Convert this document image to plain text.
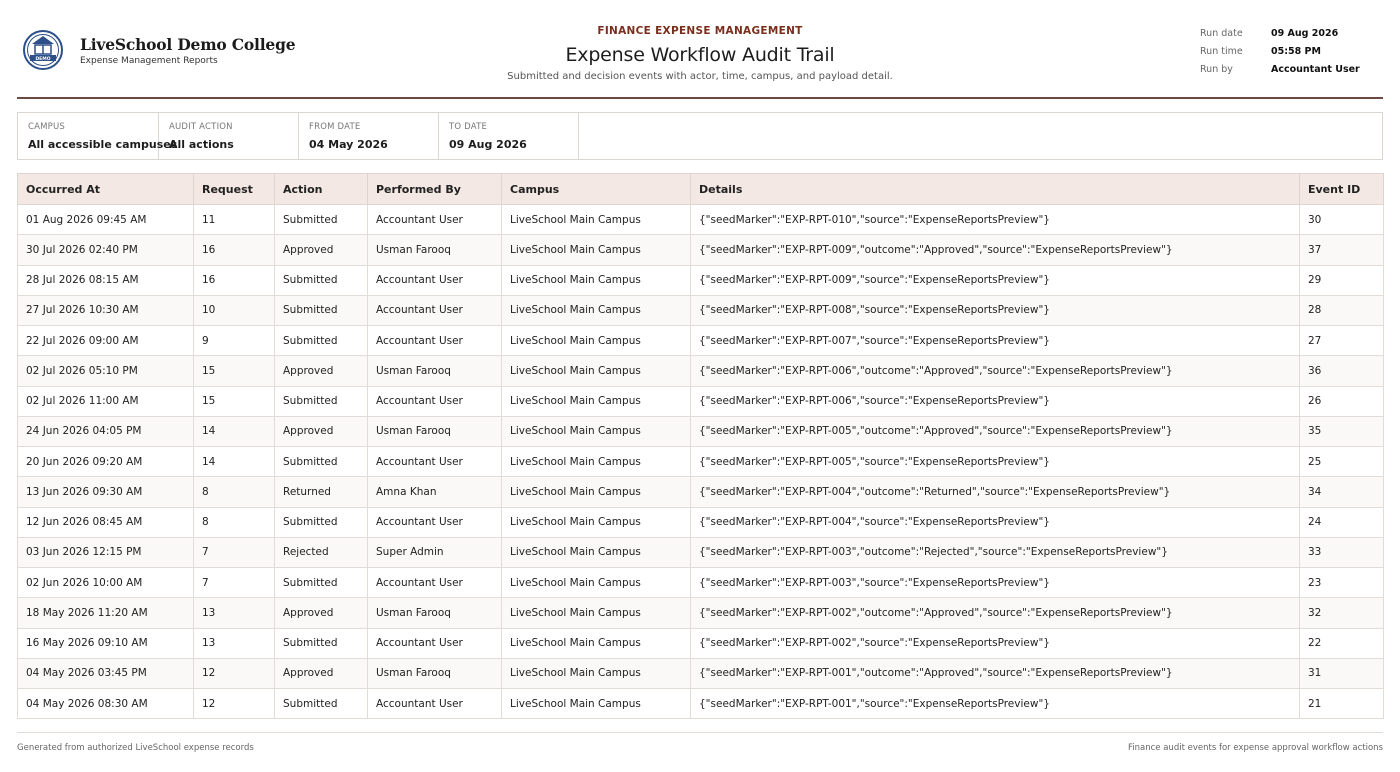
DEMO
LiveSchool Demo College
Expense Management Reports
FINANCE EXPENSE MANAGEMENT
Expense Workflow Audit Trail
Submitted and decision events with actor, time, campus, and payload detail.
Run date	09 Aug 2026
Run time	05:58 PM
Run by	Accountant User
CAMPUS
All accessible campuses
AUDIT ACTION
All actions
FROM DATE
04 May 2026
TO DATE
09 Aug 2026
Occurred At	Request	Action	Performed By	Campus	Details	Event ID
01 Aug 2026 09:45 AM	11	Submitted	Accountant User	LiveSchool Main Campus	{"seedMarker":"EXP-RPT-010","source":"ExpenseReportsPreview"}	30
30 Jul 2026 02:40 PM	16	Approved	Usman Farooq	LiveSchool Main Campus	{"seedMarker":"EXP-RPT-009","outcome":"Approved","source":"ExpenseReportsPreview"}	37
28 Jul 2026 08:15 AM	16	Submitted	Accountant User	LiveSchool Main Campus	{"seedMarker":"EXP-RPT-009","source":"ExpenseReportsPreview"}	29
27 Jul 2026 10:30 AM	10	Submitted	Accountant User	LiveSchool Main Campus	{"seedMarker":"EXP-RPT-008","source":"ExpenseReportsPreview"}	28
22 Jul 2026 09:00 AM	9	Submitted	Accountant User	LiveSchool Main Campus	{"seedMarker":"EXP-RPT-007","source":"ExpenseReportsPreview"}	27
02 Jul 2026 05:10 PM	15	Approved	Usman Farooq	LiveSchool Main Campus	{"seedMarker":"EXP-RPT-006","outcome":"Approved","source":"ExpenseReportsPreview"}	36
02 Jul 2026 11:00 AM	15	Submitted	Accountant User	LiveSchool Main Campus	{"seedMarker":"EXP-RPT-006","source":"ExpenseReportsPreview"}	26
24 Jun 2026 04:05 PM	14	Approved	Usman Farooq	LiveSchool Main Campus	{"seedMarker":"EXP-RPT-005","outcome":"Approved","source":"ExpenseReportsPreview"}	35
20 Jun 2026 09:20 AM	14	Submitted	Accountant User	LiveSchool Main Campus	{"seedMarker":"EXP-RPT-005","source":"ExpenseReportsPreview"}	25
13 Jun 2026 09:30 AM	8	Returned	Amna Khan	LiveSchool Main Campus	{"seedMarker":"EXP-RPT-004","outcome":"Returned","source":"ExpenseReportsPreview"}	34
12 Jun 2026 08:45 AM	8	Submitted	Accountant User	LiveSchool Main Campus	{"seedMarker":"EXP-RPT-004","source":"ExpenseReportsPreview"}	24
03 Jun 2026 12:15 PM	7	Rejected	Super Admin	LiveSchool Main Campus	{"seedMarker":"EXP-RPT-003","outcome":"Rejected","source":"ExpenseReportsPreview"}	33
02 Jun 2026 10:00 AM	7	Submitted	Accountant User	LiveSchool Main Campus	{"seedMarker":"EXP-RPT-003","source":"ExpenseReportsPreview"}	23
18 May 2026 11:20 AM	13	Approved	Usman Farooq	LiveSchool Main Campus	{"seedMarker":"EXP-RPT-002","outcome":"Approved","source":"ExpenseReportsPreview"}	32
16 May 2026 09:10 AM	13	Submitted	Accountant User	LiveSchool Main Campus	{"seedMarker":"EXP-RPT-002","source":"ExpenseReportsPreview"}	22
04 May 2026 03:45 PM	12	Approved	Usman Farooq	LiveSchool Main Campus	{"seedMarker":"EXP-RPT-001","outcome":"Approved","source":"ExpenseReportsPreview"}	31
04 May 2026 08:30 AM	12	Submitted	Accountant User	LiveSchool Main Campus	{"seedMarker":"EXP-RPT-001","source":"ExpenseReportsPreview"}	21
Generated from authorized LiveSchool expense records	Finance audit events for expense approval workflow actions
